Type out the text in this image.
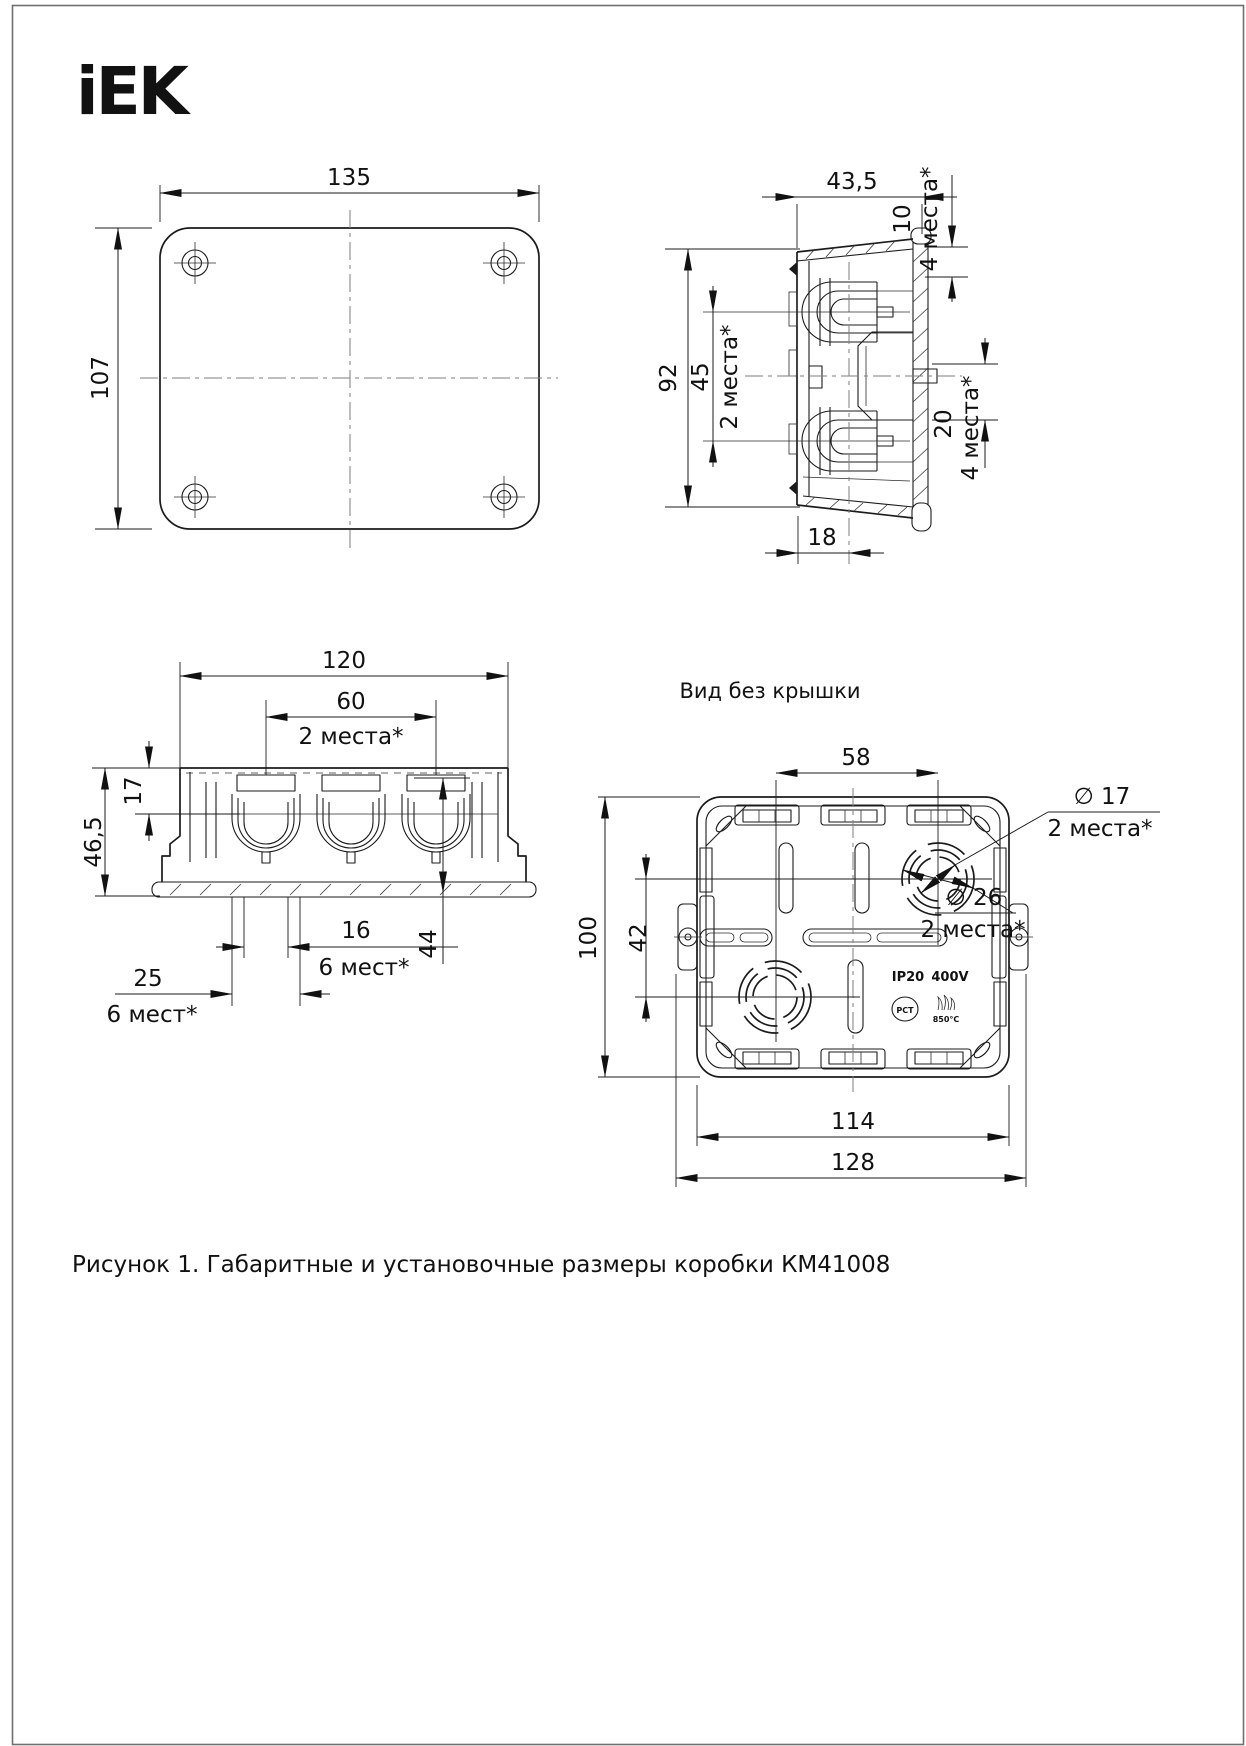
iEK
135
107
43,5
10 4 места*
92 45 2 места*	20 4 места*
18
120
60
2 места*
17
46,5
16
6 мест*
25
6 мест*
44
Вид без крышки
IP20 400V
РСТ
850°C
58
100 42
∅ 17
2 места*
∅ 26
2 места*
114
128
Рисунок 1. Габаритные и установочные размеры коробки КМ41008
